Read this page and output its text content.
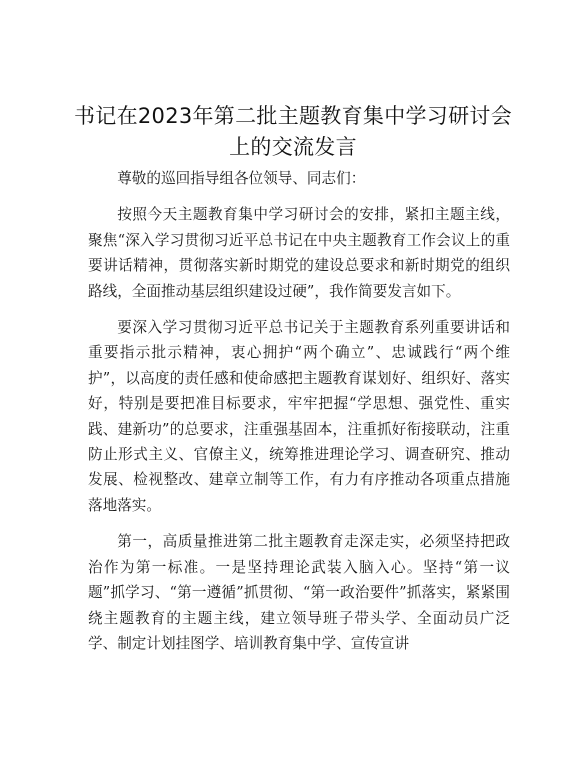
书记在2023年第二批主题教育集中学习研讨会
上的交流发言

尊敬的巡回指导组各位领导、同志们：

按照今天主题教育集中学习研讨会的安排，紧扣主题主线，聚焦“深入学习贯彻习近平总书记在中央主题教育工作会议上的重要讲话精神，贯彻落实新时期党的建设总要求和新时期党的组织路线，全面推动基层组织建设过硬”，我作简要发言如下。

要深入学习贯彻习近平总书记关于主题教育系列重要讲话和重要指示批示精神，衷心拥护“两个确立”、忠诚践行“两个维护”，以高度的责任感和使命感把主题教育谋划好、组织好、落实好，特别是要把准目标要求，牢牢把握“学思想、强党性、重实践、建新功”的总要求，注重强基固本，注重抓好衔接联动，注重防止形式主义、官僚主义，统筹推进理论学习、调查研究、推动发展、检视整改、建章立制等工作，有力有序推动各项重点措施落地落实。

第一，高质量推进第二批主题教育走深走实，必须坚持把政治作为第一标准。一是坚持理论武装入脑入心。坚持“第一议题”抓学习、“第一遵循”抓贯彻、“第一政治要件”抓落实，紧紧围绕主题教育的主题主线，建立领导班子带头学、全面动员广泛学、制定计划挂图学、培训教育集中学、宣传宣讲
